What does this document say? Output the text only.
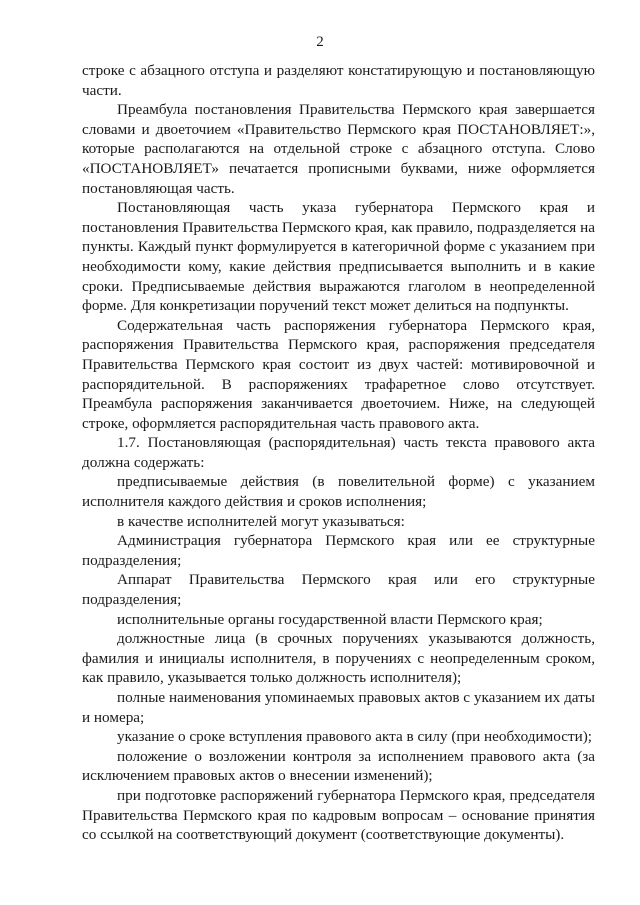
2

строке с абзацного отступа и разделяют констатирующую и постановляющую части.

Преамбула постановления Правительства Пермского края завершается словами и двоеточием «Правительство Пермского края ПОСТАНОВЛЯЕТ:», которые располагаются на отдельной строке с абзацного отступа. Слово «ПОСТАНОВЛЯЕТ» печатается прописными буквами, ниже оформляется постановляющая часть.

Постановляющая часть указа губернатора Пермского края и постановления Правительства Пермского края, как правило, подразделяется на пункты. Каждый пункт формулируется в категоричной форме с указанием при необходимости кому, какие действия предписывается выполнить и в какие сроки. Предписываемые действия выражаются глаголом в неопределенной форме. Для конкретизации поручений текст может делиться на подпункты.

Содержательная часть распоряжения губернатора Пермского края, распоряжения Правительства Пермского края, распоряжения председателя Правительства Пермского края состоит из двух частей: мотивировочной и распорядительной. В распоряжениях трафаретное слово отсутствует. Преамбула распоряжения заканчивается двоеточием. Ниже, на следующей строке, оформляется распорядительная часть правового акта.

1.7. Постановляющая (распорядительная) часть текста правового акта должна содержать:

предписываемые действия (в повелительной форме) с указанием исполнителя каждого действия и сроков исполнения;

в качестве исполнителей могут указываться:

Администрация губернатора Пермского края или ее структурные подразделения;

Аппарат Правительства Пермского края или его структурные подразделения;

исполнительные органы государственной власти Пермского края;

должностные лица (в срочных поручениях указываются должность, фамилия и инициалы исполнителя, в поручениях с неопределенным сроком, как правило, указывается только должность исполнителя);

полные наименования упоминаемых правовых актов с указанием их даты и номера;

указание о сроке вступления правового акта в силу (при необходимости);

положение о возложении контроля за исполнением правового акта (за исключением правовых актов о внесении изменений);

при подготовке распоряжений губернатора Пермского края, председателя Правительства Пермского края по кадровым вопросам – основание принятия со ссылкой на соответствующий документ (соответствующие документы).
